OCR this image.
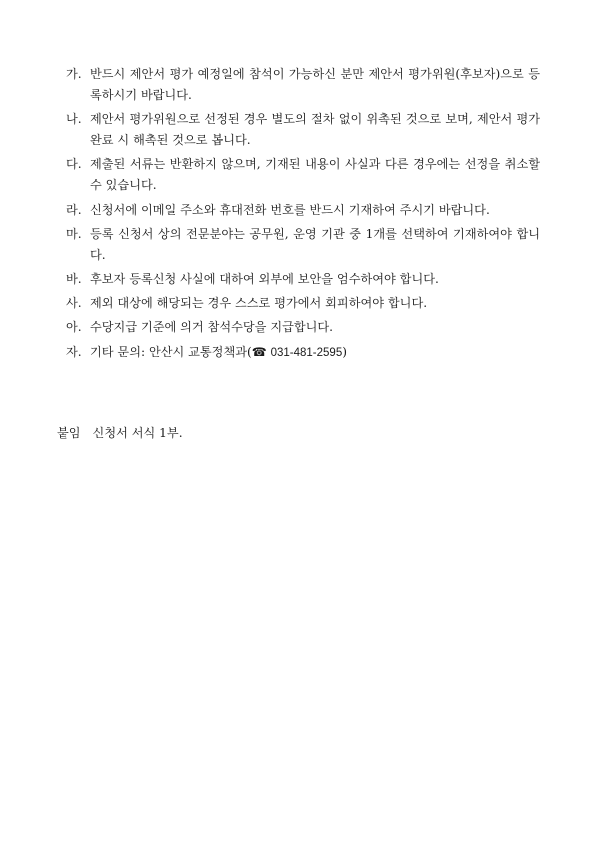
가. 반드시 제안서 평가 예정일에 참석이 가능하신 분만 제안서 평가위원(후보자)으로 등록하시기 바랍니다.
나. 제안서 평가위원으로 선정된 경우 별도의 절차 없이 위촉된 것으로 보며, 제안서 평가 완료 시 해촉된 것으로 봅니다.
다. 제출된 서류는 반환하지 않으며, 기재된 내용이 사실과 다른 경우에는 선정을 취소할 수 있습니다.
라. 신청서에 이메일 주소와 휴대전화 번호를 반드시 기재하여 주시기 바랍니다.
마. 등록 신청서 상의 전문분야는 공무원, 운영 기관 중 1개를 선택하여 기재하여야 합니다.
바. 후보자 등록신청 사실에 대하여 외부에 보안을 엄수하여야 합니다.
사. 제외 대상에 해당되는 경우 스스로 평가에서 회피하여야 합니다.
아. 수당지급 기준에 의거 참석수당을 지급합니다.
자. 기타 문의: 안산시 교통정책과(☎ 031-481-2595)
붙임 신청서 서식 1부.
